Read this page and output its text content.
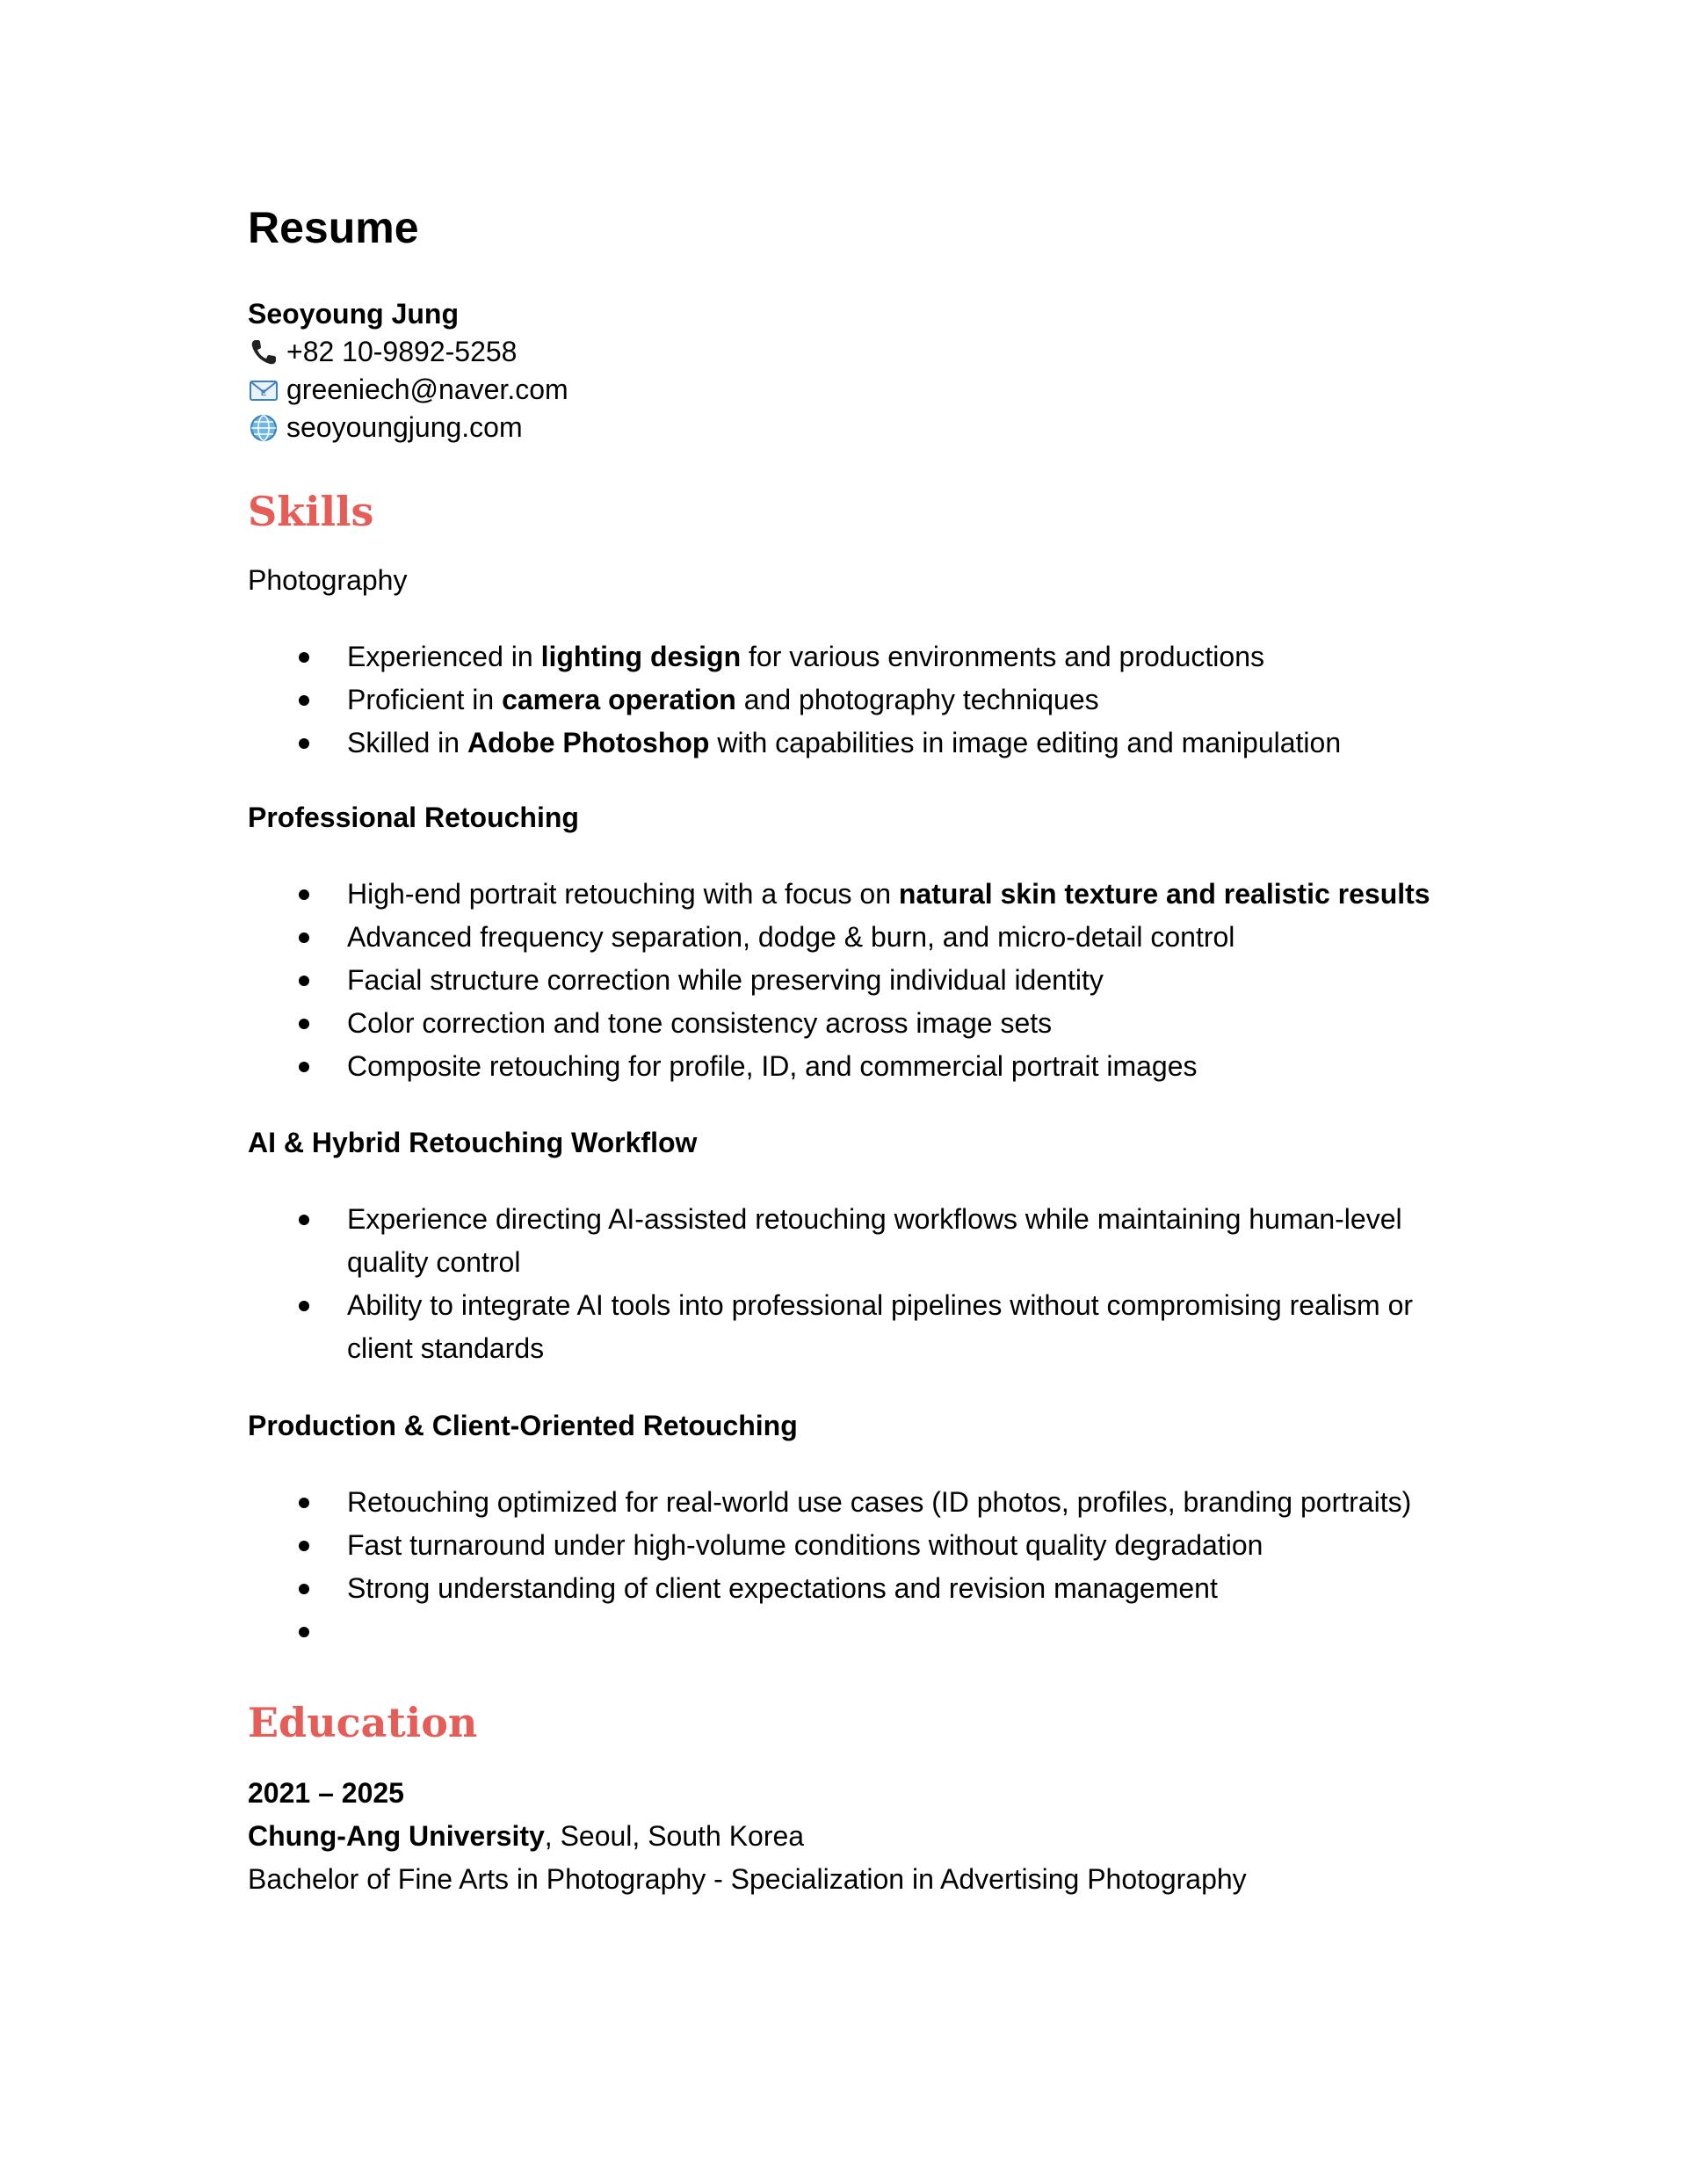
Resume
Seoyoung Jung
+82 10-9892-5258
E greeniech@naver.com
seoyoungjung.com
Skills
Photography
Experienced in lighting design for various environments and productions
Proficient in camera operation and photography techniques
Skilled in Adobe Photoshop with capabilities in image editing and manipulation
Professional Retouching
High-end portrait retouching with a focus on natural skin texture and realistic results
Advanced frequency separation, dodge & burn, and micro-detail control
Facial structure correction while preserving individual identity
Color correction and tone consistency across image sets
Composite retouching for profile, ID, and commercial portrait images
AI & Hybrid Retouching Workflow
Experience directing AI-assisted retouching workflows while maintaining human-level quality control
Ability to integrate AI tools into professional pipelines without compromising realism or client standards
Production & Client-Oriented Retouching
Retouching optimized for real-world use cases (ID photos, profiles, branding portraits)
Fast turnaround under high-volume conditions without quality degradation
Strong understanding of client expectations and revision management
Education
2021 – 2025
Chung-Ang University, Seoul, South Korea
Bachelor of Fine Arts in Photography - Specialization in Advertising Photography
